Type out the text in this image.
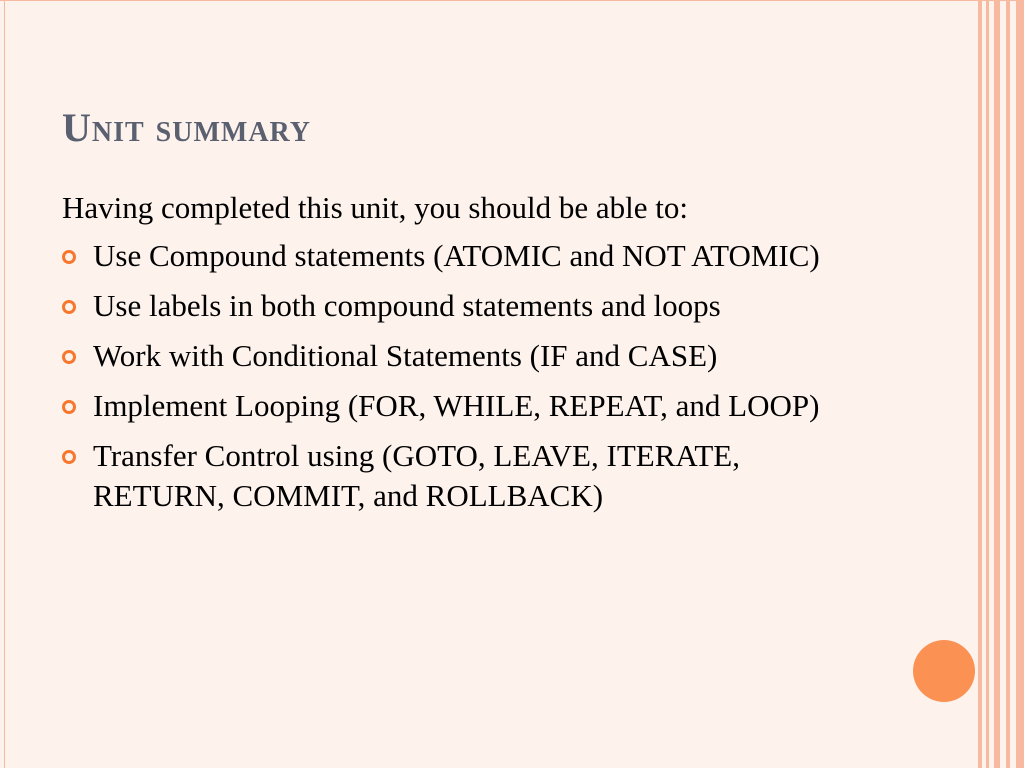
Unit summary

Having completed this unit, you should be able to:

Use Compound statements (ATOMIC and NOT ATOMIC)
Use labels in both compound statements and loops
Work with Conditional Statements (IF and CASE)
Implement Looping (FOR, WHILE, REPEAT, and LOOP)
Transfer Control using (GOTO, LEAVE, ITERATE, RETURN, COMMIT, and ROLLBACK)
